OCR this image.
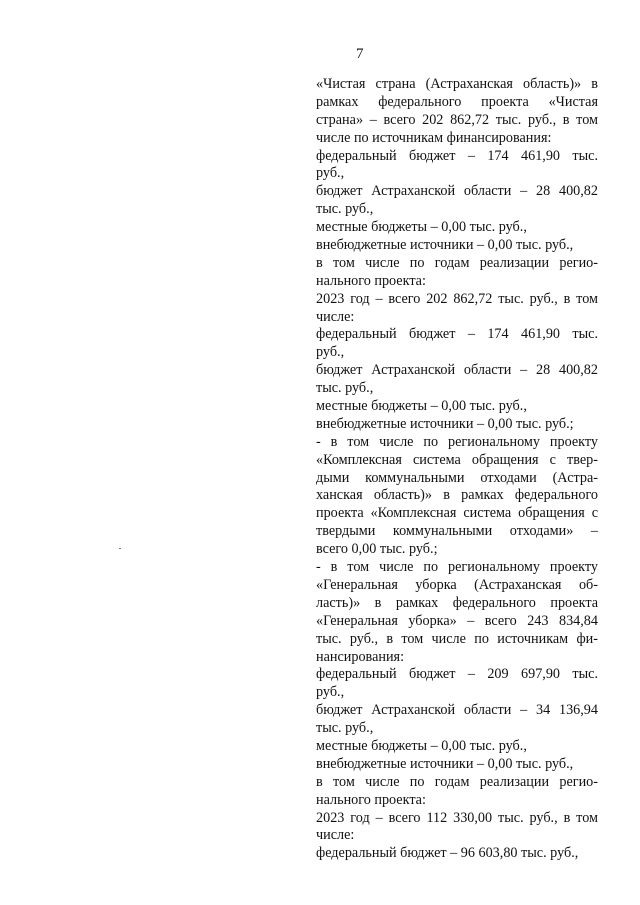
7
«Чистая страна (Астраханская область)» в
рамках федерального проекта «Чистая
страна» – всего 202 862,72 тыс. руб., в том
числе по источникам финансирования:
федеральный бюджет – 174 461,90 тыс.
руб.,
бюджет Астраханской области – 28 400,82
тыс. руб.,
местные бюджеты – 0,00 тыс. руб.,
внебюджетные источники – 0,00 тыс. руб.,
в том числе по годам реализации регио-
нального проекта:
2023 год – всего 202 862,72 тыс. руб., в том
числе:
федеральный бюджет – 174 461,90 тыс.
руб.,
бюджет Астраханской области – 28 400,82
тыс. руб.,
местные бюджеты – 0,00 тыс. руб.,
внебюджетные источники – 0,00 тыс. руб.;
- в том числе по региональному проекту
«Комплексная система обращения с твер-
дыми коммунальными отходами (Астра-
ханская область)» в рамках федерального
проекта «Комплексная система обращения с
твердыми коммунальными отходами» –
всего 0,00 тыс. руб.;
- в том числе по региональному проекту
«Генеральная уборка (Астраханская об-
ласть)» в рамках федерального проекта
«Генеральная уборка» – всего 243 834,84
тыс. руб., в том числе по источникам фи-
нансирования:
федеральный бюджет – 209 697,90 тыс.
руб.,
бюджет Астраханской области – 34 136,94
тыс. руб.,
местные бюджеты – 0,00 тыс. руб.,
внебюджетные источники – 0,00 тыс. руб.,
в том числе по годам реализации регио-
нального проекта:
2023 год – всего 112 330,00 тыс. руб., в том
числе:
федеральный бюджет – 96 603,80 тыс. руб.,
